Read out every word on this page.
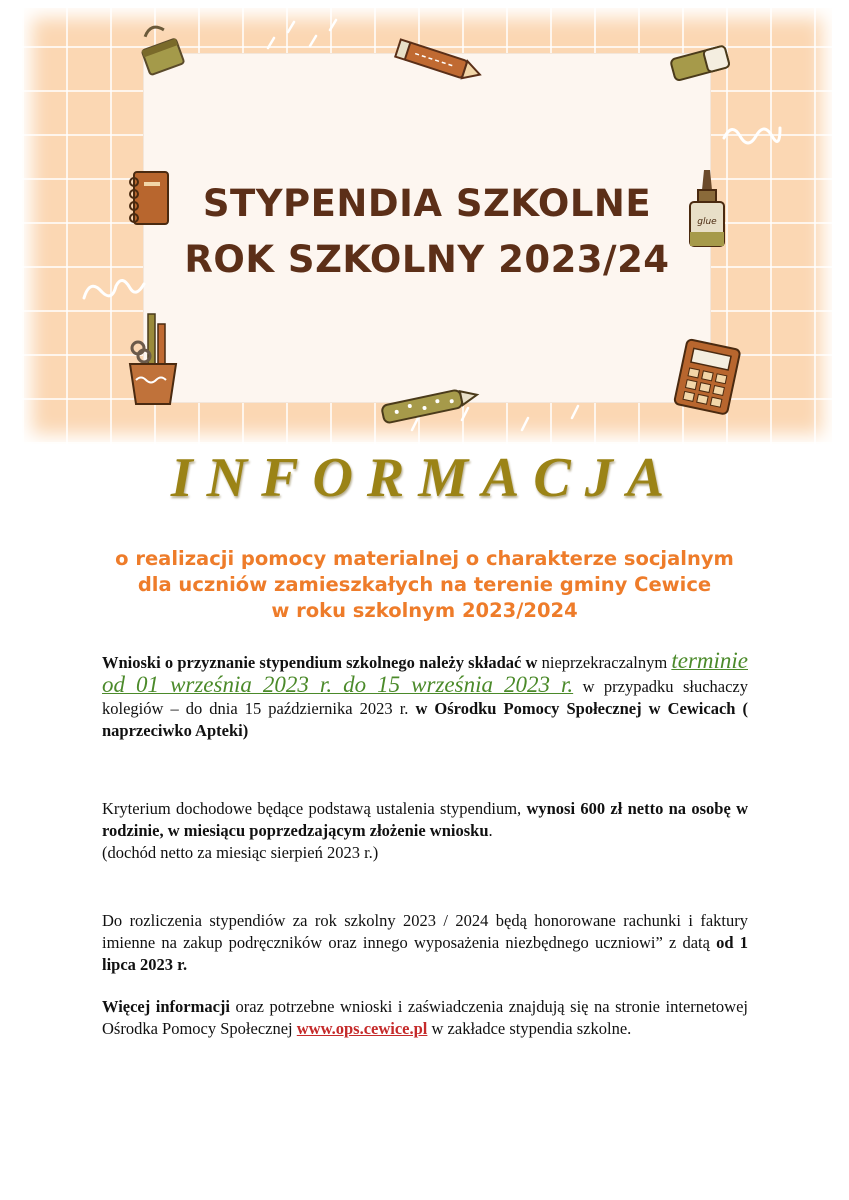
STYPENDIA SZKOLNE
ROK SZKOLNY 2023/24
glue
INFORMACJA
o realizacji pomocy materialnej o charakterze socjalnym
dla uczniów zamieszkałych na terenie gminy Cewice
w roku szkolnym 2023/2024
Wnioski o przyznanie stypendium szkolnego należy składać w nieprzekraczalnym terminie od 01 września 2023 r. do 15 września 2023 r. w przypadku słuchaczy kolegiów – do dnia 15 października 2023 r. w Ośrodku Pomocy Społecznej w Cewicach ( naprzeciwko Apteki)
Kryterium dochodowe będące podstawą ustalenia stypendium, wynosi 600 zł netto na osobę w rodzinie, w miesiącu poprzedzającym złożenie wniosku.
(dochód netto za miesiąc sierpień 2023 r.)
Do rozliczenia stypendiów za rok szkolny 2023 / 2024 będą honorowane rachunki i faktury imienne na zakup podręczników oraz innego wyposażenia niezbędnego uczniowi” z datą od 1 lipca 2023 r.
Więcej informacji oraz potrzebne wnioski i zaświadczenia znajdują się na stronie internetowej Ośrodka Pomocy Społecznej www.ops.cewice.pl w zakładce stypendia szkolne.
